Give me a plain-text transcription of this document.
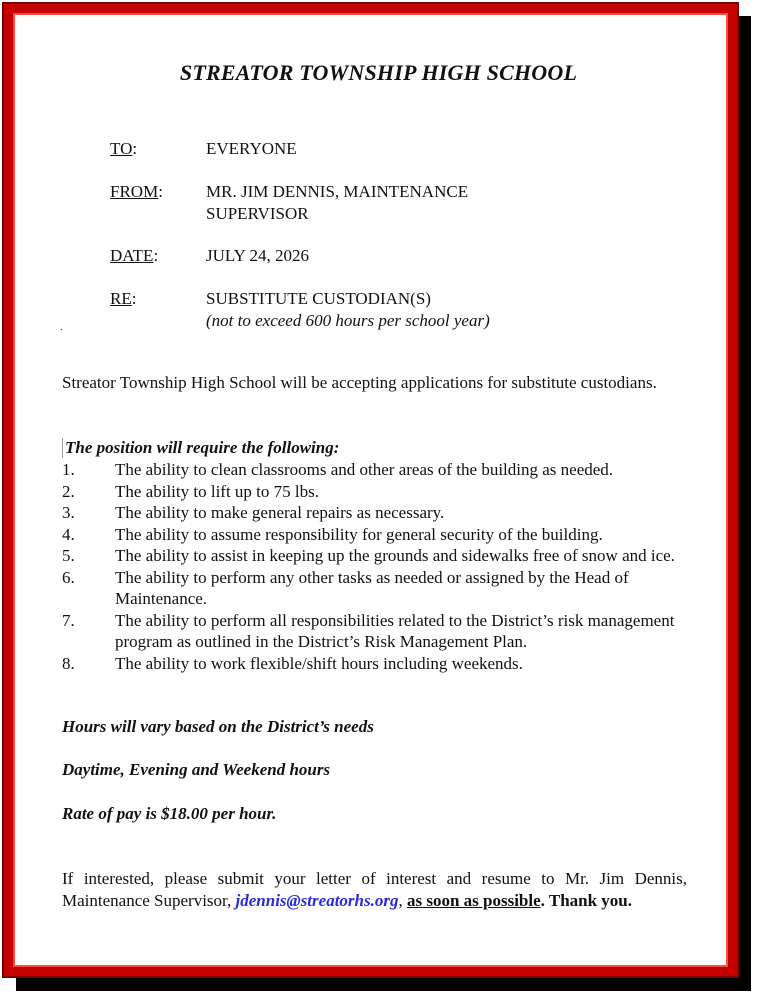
STREATOR TOWNSHIP HIGH SCHOOL
TO:	EVERYONE
FROM:	MR. JIM DENNIS, MAINTENANCE SUPERVISOR
DATE:	JULY 24, 2026
RE:	SUBSTITUTE CUSTODIAN(S)
(not to exceed 600 hours per school year)
.
Streator Township High School will be accepting applications for substitute custodians.
The position will require the following:
1. The ability to clean classrooms and other areas of the building as needed.
2. The ability to lift up to 75 lbs.
3. The ability to make general repairs as necessary.
4. The ability to assume responsibility for general security of the building.
5. The ability to assist in keeping up the grounds and sidewalks free of snow and ice.
6. The ability to perform any other tasks as needed or assigned by the Head of Maintenance.
7. The ability to perform all responsibilities related to the District’s risk management program as outlined in the District’s Risk Management Plan.
8. The ability to work flexible/shift hours including weekends.
Hours will vary based on the District’s needs
Daytime, Evening and Weekend hours
Rate of pay is $18.00 per hour.
If interested, please submit your letter of interest and resume to Mr. Jim Dennis, Maintenance Supervisor, jdennis@streatorhs.org, as soon as possible. Thank you.
